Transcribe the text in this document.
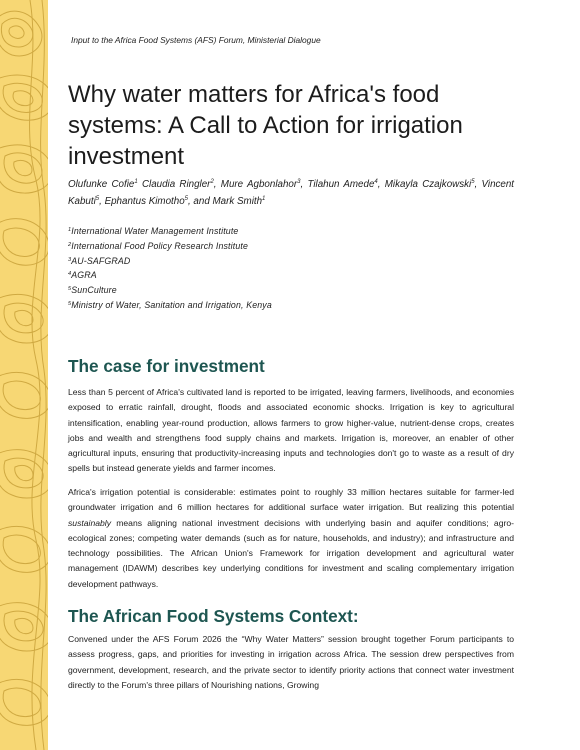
Input to the Africa Food Systems (AFS) Forum, Ministerial Dialogue
Why water matters for Africa's food systems: A Call to Action for irrigation investment
Olufunke Cofie$^1$ Claudia Ringler$^2$, Mure Agbonlahor$^3$, Tilahun Amede$^4$, Mikayla Czajkowski$^5$, Vincent Kabuti$^5$, Ephantus Kimotho$^5$, and Mark Smith$^1$
$^1$International Water Management Institute
$^2$International Food Policy Research Institute
$^3$AU-SAFGRAD
$^4$AGRA
$^5$SunCulture
$^5$Ministry of Water, Sanitation and Irrigation, Kenya
The case for investment

Less than 5 percent of Africa's cultivated land is reported to be irrigated, leaving farmers, livelihoods, and economies exposed to erratic rainfall, drought, floods and associated economic shocks. Irrigation is key to agricultural intensification, enabling year-round production, allows farmers to grow higher-value, nutrient-dense crops, creates jobs and wealth and strengthens food supply chains and markets. Irrigation is, moreover, an enabler of other agricultural inputs, ensuring that productivity-increasing inputs and technologies don't go to waste as a result of dry spells but instead generate yields and farmer incomes.

Africa's irrigation potential is considerable: estimates point to roughly 33 million hectares suitable for farmer-led groundwater irrigation and 6 million hectares for additional surface water irrigation. But realizing this potential sustainably means aligning national investment decisions with underlying basin and aquifer conditions; agro-ecological zones; competing water demands (such as for nature, households, and industry); and infrastructure and technology possibilities. The African Union's Framework for irrigation development and agricultural water management (IDAWM) describes key underlying conditions for investment and scaling complementary irrigation development pathways.

The African Food Systems Context:

Convened under the AFS Forum 2026 the “Why Water Matters” session brought together Forum participants to assess progress, gaps, and priorities for investing in irrigation across Africa. The session drew perspectives from government, development, research, and the private sector to identify priority actions that connect water investment directly to the Forum's three pillars of Nourishing nations, Growing
